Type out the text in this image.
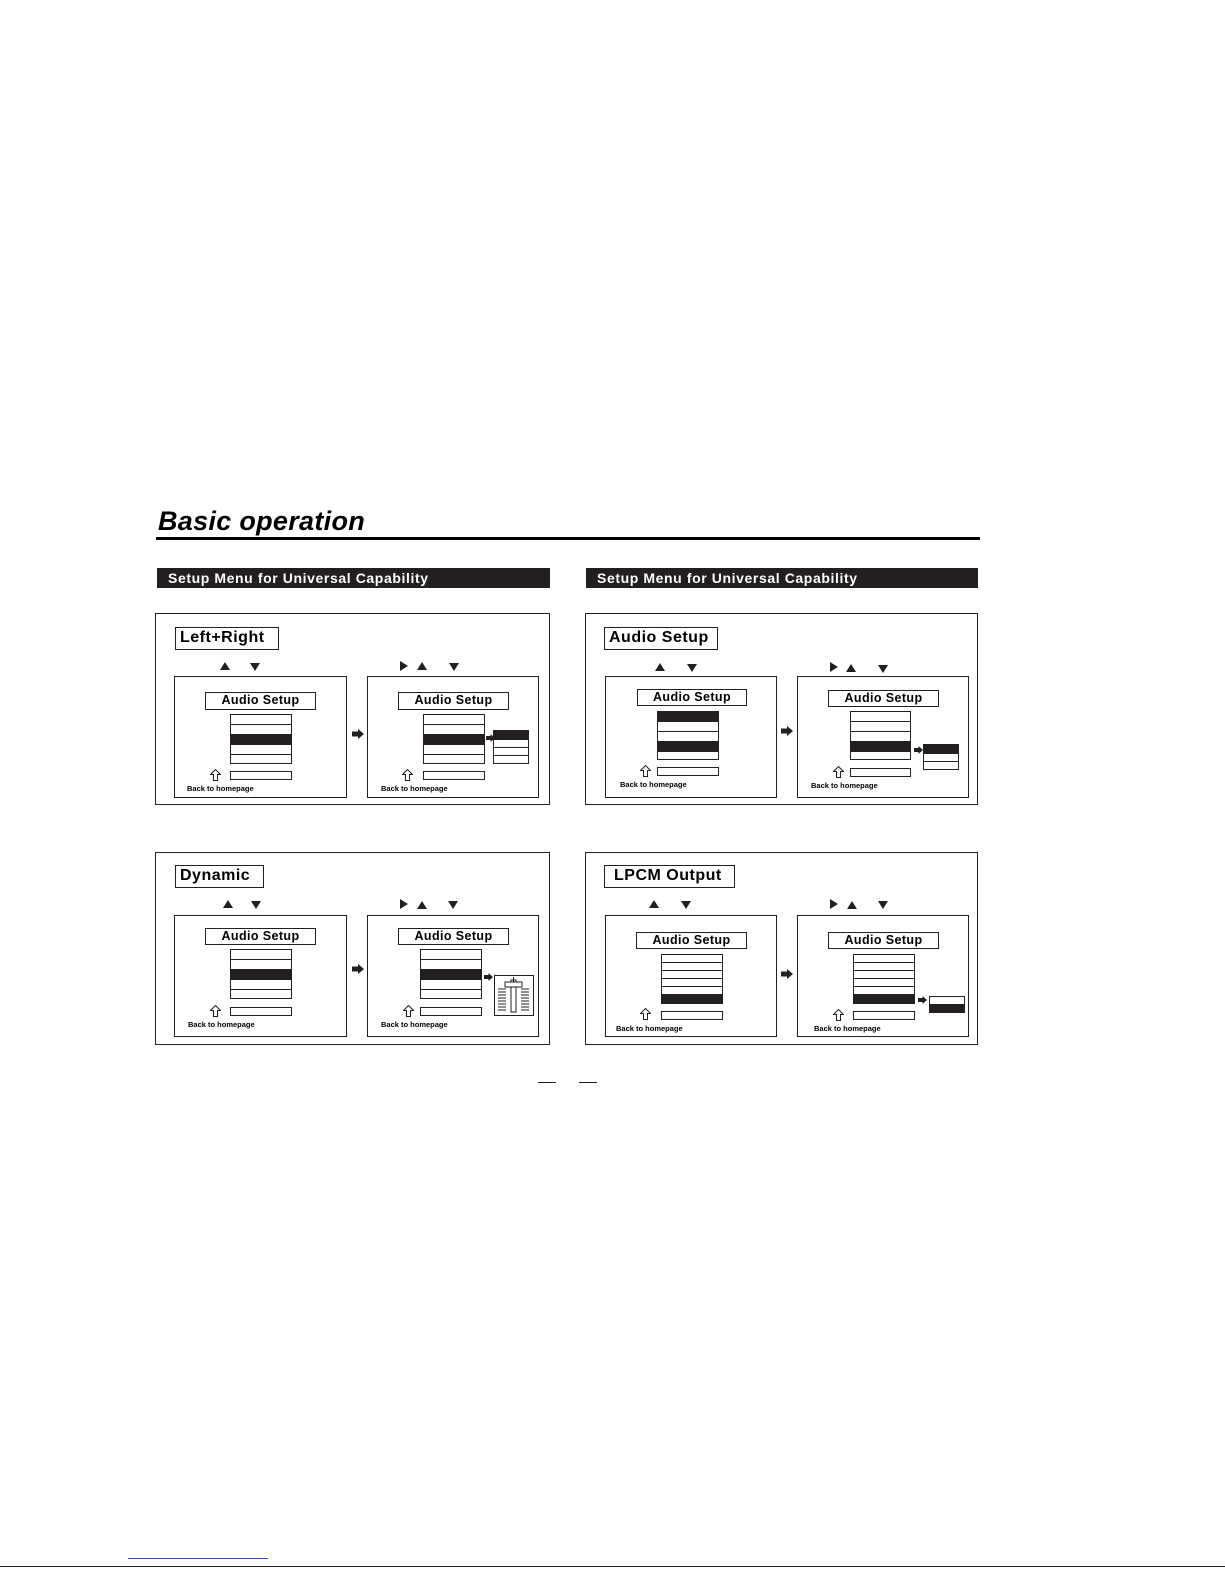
Basic operation
Setup Menu for Universal Capability	Setup Menu for Universal Capability
Left+Right
Audio Setup
Back to homepage
Audio Setup
Back to homepage
Audio Setup
Audio Setup
Back to homepage
Audio Setup
Back to homepage
Dynamic
Audio Setup
Back to homepage
Audio Setup
Back to homepage
LPCM Output
Audio Setup
Back to homepage
Audio Setup
Back to homepage
